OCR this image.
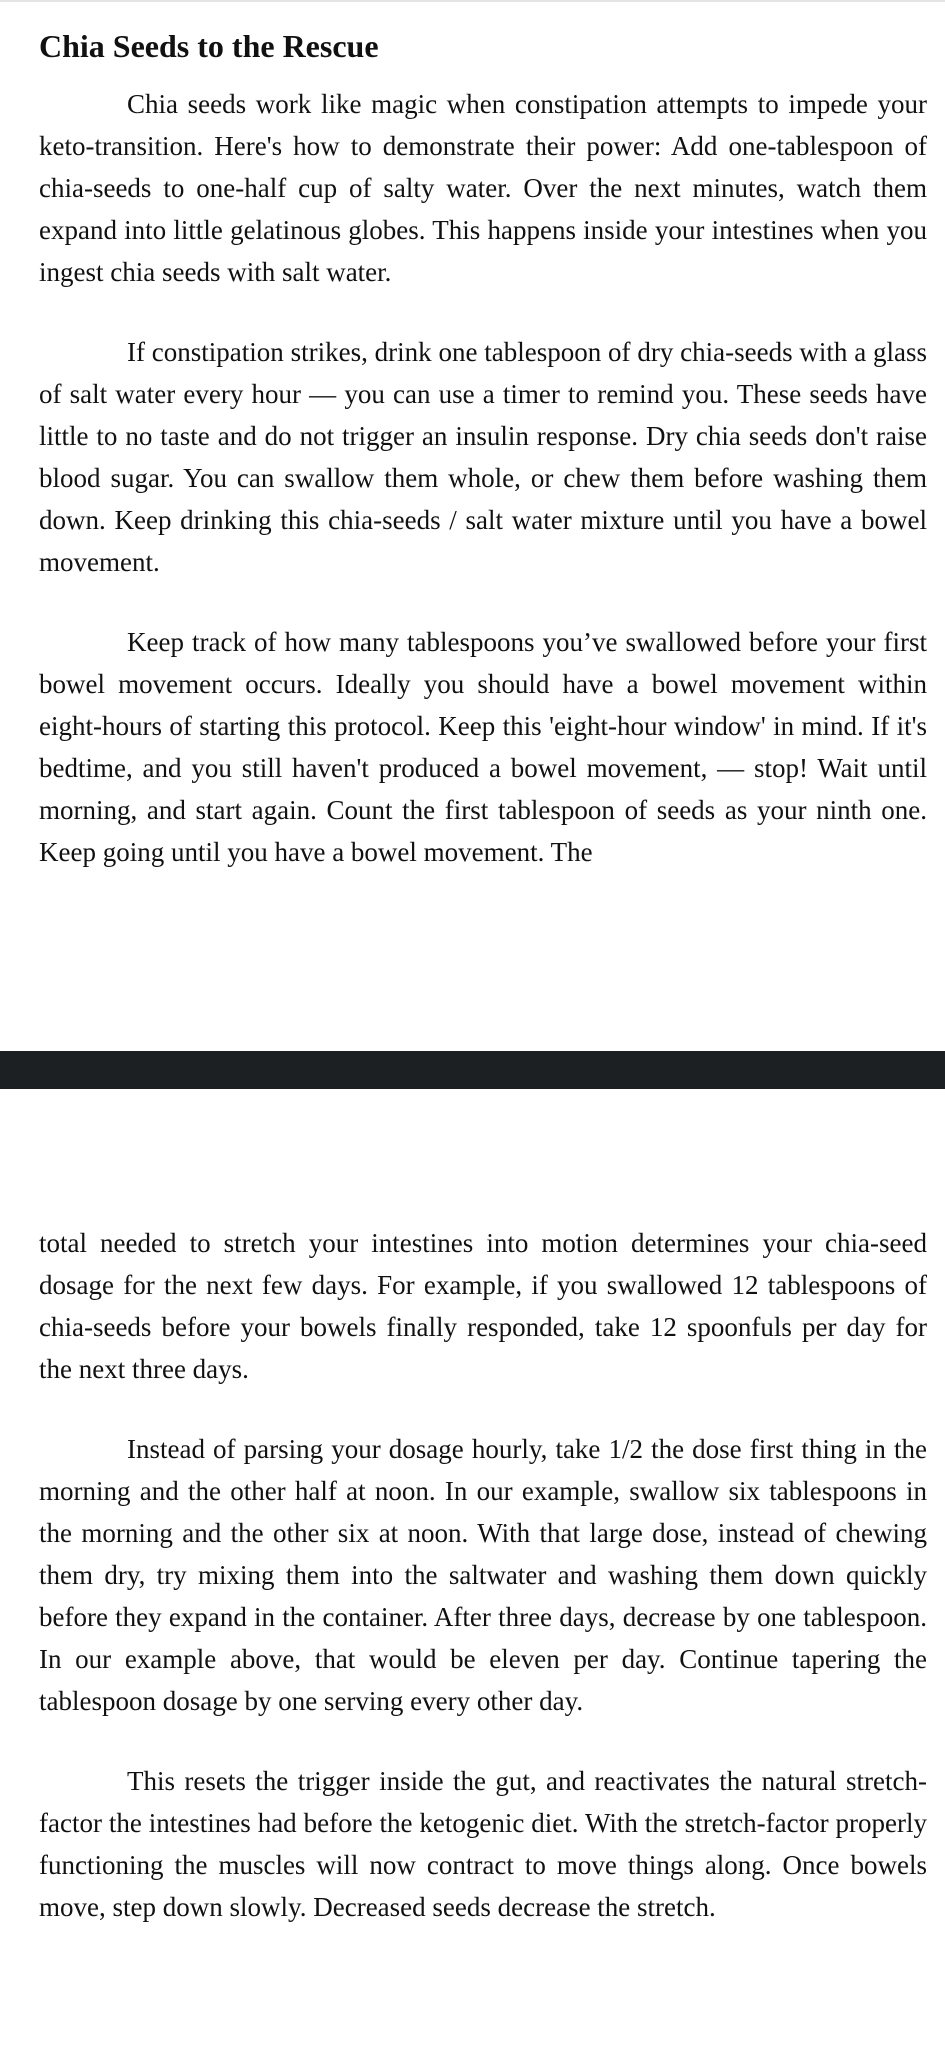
Chia Seeds to the Rescue

Chia seeds work like magic when constipation attempts to impede your keto-transition. Here's how to demonstrate their power: Add one-tablespoon of chia-seeds to one-half cup of salty water. Over the next minutes, watch them expand into little gelatinous globes. This happens inside your intestines when you ingest chia seeds with salt water.

If constipation strikes, drink one tablespoon of dry chia-seeds with a glass of salt water every hour — you can use a timer to remind you. These seeds have little to no taste and do not trigger an insulin response. Dry chia seeds don't raise blood sugar. You can swallow them whole, or chew them before washing them down. Keep drinking this chia-seeds / salt water mixture until you have a bowel movement.

Keep track of how many tablespoons you’ve swallowed before your first bowel movement occurs. Ideally you should have a bowel movement within eight-hours of starting this protocol. Keep this 'eight-hour window' in mind. If it's bedtime, and you still haven't produced a bowel movement, — stop! Wait until morning, and start again. Count the first tablespoon of seeds as your ninth one. Keep going until you have a bowel movement. The

total needed to stretch your intestines into motion determines your chia-seed dosage for the next few days. For example, if you swallowed 12 tablespoons of chia-seeds before your bowels finally responded, take 12 spoonfuls per day for the next three days.

Instead of parsing your dosage hourly, take 1/2 the dose first thing in the morning and the other half at noon. In our example, swallow six tablespoons in the morning and the other six at noon. With that large dose, instead of chewing them dry, try mixing them into the saltwater and washing them down quickly before they expand in the container. After three days, decrease by one tablespoon. In our example above, that would be eleven per day. Continue tapering the tablespoon dosage by one serving every other day.

This resets the trigger inside the gut, and reactivates the natural stretch-factor the intestines had before the ketogenic diet. With the stretch-factor properly functioning the muscles will now contract to move things along. Once bowels move, step down slowly. Decreased seeds decrease the stretch.
